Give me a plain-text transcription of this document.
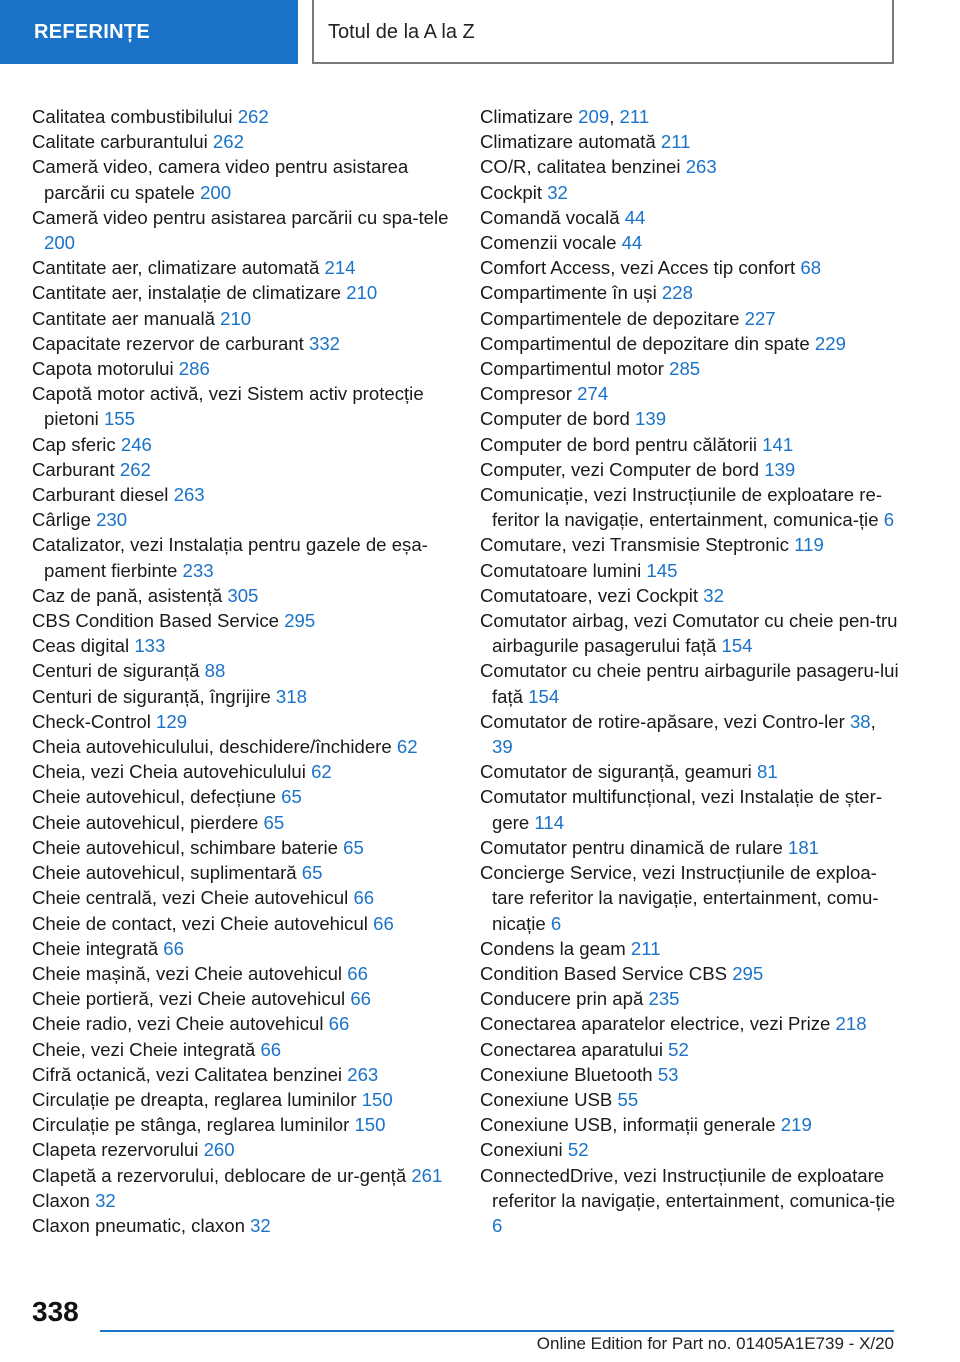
REFERINȚE	Totul de la A la Z
Calitatea combustibilului 262
Calitate carburantului 262
Cameră video, camera video pentru asistarea parcării cu spatele 200
Cameră video pentru asistarea parcării cu spa-tele 200
Cantitate aer, climatizare automată 214
Cantitate aer, instalație de climatizare 210
Cantitate aer manuală 210
Capacitate rezervor de carburant 332
Capota motorului 286
Capotă motor activă, vezi Sistem activ protecție pietoni 155
Cap sferic 246
Carburant 262
Carburant diesel 263
Cârlige 230
Catalizator, vezi Instalația pentru gazele de eșa-pament fierbinte 233
Caz de pană, asistență 305
CBS Condition Based Service 295
Ceas digital 133
Centuri de siguranță 88
Centuri de siguranță, îngrijire 318
Check-Control 129
Cheia autovehiculului, deschidere/închidere 62
Cheia, vezi Cheia autovehiculului 62
Cheie autovehicul, defecțiune 65
Cheie autovehicul, pierdere 65
Cheie autovehicul, schimbare baterie 65
Cheie autovehicul, suplimentară 65
Cheie centrală, vezi Cheie autovehicul 66
Cheie de contact, vezi Cheie autovehicul 66
Cheie integrată 66
Cheie mașină, vezi Cheie autovehicul 66
Cheie portieră, vezi Cheie autovehicul 66
Cheie radio, vezi Cheie autovehicul 66
Cheie, vezi Cheie integrată 66
Cifră octanică, vezi Calitatea benzinei 263
Circulație pe dreapta, reglarea luminilor 150
Circulație pe stânga, reglarea luminilor 150
Clapeta rezervorului 260
Clapetă a rezervorului, deblocare de ur-gență 261
Claxon 32
Claxon pneumatic, claxon 32
Climatizare 209, 211
Climatizare automată 211
CO/R, calitatea benzinei 263
Cockpit 32
Comandă vocală 44
Comenzii vocale 44
Comfort Access, vezi Acces tip confort 68
Compartimente în uși 228
Compartimentele de depozitare 227
Compartimentul de depozitare din spate 229
Compartimentul motor 285
Compresor 274
Computer de bord 139
Computer de bord pentru călătorii 141
Computer, vezi Computer de bord 139
Comunicație, vezi Instrucțiunile de exploatare re-feritor la navigație, entertainment, comunica-ție 6
Comutare, vezi Transmisie Steptronic 119
Comutatoare lumini 145
Comutatoare, vezi Cockpit 32
Comutator airbag, vezi Comutator cu cheie pen-tru airbagurile pasagerului față 154
Comutator cu cheie pentru airbagurile pasageru-lui față 154
Comutator de rotire-apăsare, vezi Contro-ler 38, 39
Comutator de siguranță, geamuri 81
Comutator multifuncțional, vezi Instalație de șter-gere 114
Comutator pentru dinamică de rulare 181
Concierge Service, vezi Instrucțiunile de exploa-tare referitor la navigație, entertainment, comu-nicație 6
Condens la geam 211
Condition Based Service CBS 295
Conducere prin apă 235
Conectarea aparatelor electrice, vezi Prize 218
Conectarea aparatului 52
Conexiune Bluetooth 53
Conexiune USB 55
Conexiune USB, informații generale 219
Conexiuni 52
ConnectedDrive, vezi Instrucțiunile de exploatare referitor la navigație, entertainment, comunica-ție 6
338
Online Edition for Part no. 01405A1E739 - X/20
